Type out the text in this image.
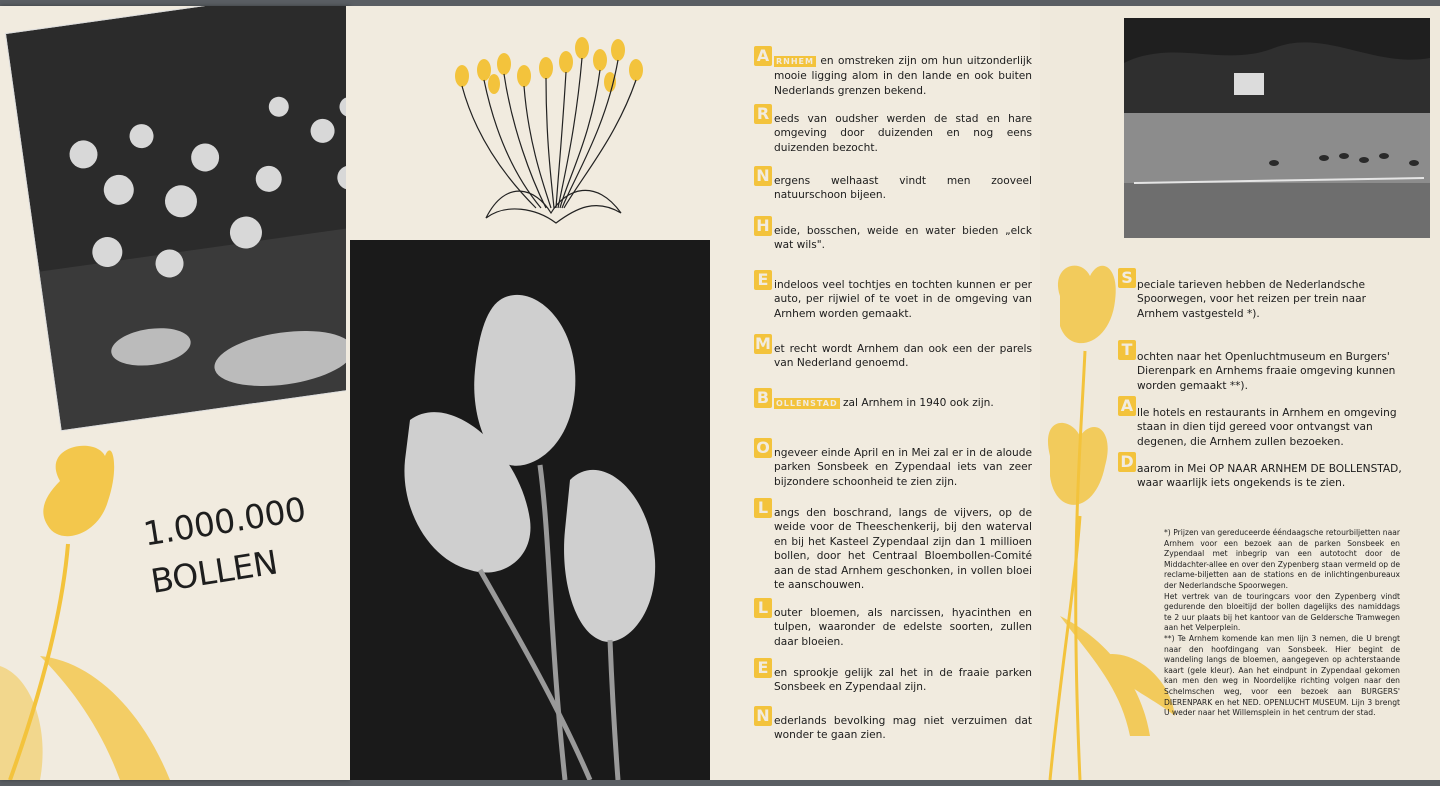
1.000.000
BOLLEN
A RNHEM en omstreken zijn om hun uitzonderlijk mooie ligging alom in den lande en ook buiten Nederlands grenzen bekend.
R eeds van oudsher werden de stad en hare omgeving door duizenden en nog eens duizenden bezocht.
N ergens welhaast vindt men zooveel natuurschoon bijeen.
H eide, bosschen, weide en water bieden „elck wat wils".
E indeloos veel tochtjes en tochten kunnen er per auto, per rijwiel of te voet in de omgeving van Arnhem worden gemaakt.
M et recht wordt Arnhem dan ook een der parels van Nederland genoemd.
B OLLENSTAD zal Arnhem in 1940 ook zijn.
O ngeveer einde April en in Mei zal er in de aloude parken Sonsbeek en Zypendaal iets van zeer bijzondere schoonheid te zien zijn.
L angs den boschrand, langs de vijvers, op de weide voor de Theeschenkerij, bij den waterval en bij het Kasteel Zypendaal zijn dan 1 millioen bollen, door het Centraal Bloembollen-Comité aan de stad Arnhem geschonken, in vollen bloei te aanschouwen.
L outer bloemen, als narcissen, hyacinthen en tulpen, waaronder de edelste soorten, zullen daar bloeien.
E en sprookje gelijk zal het in de fraaie parken Sonsbeek en Zypendaal zijn.
N ederlands bevolking mag niet verzuimen dat wonder te gaan zien.
S peciale tarieven hebben de Nederlandsche Spoorwegen, voor het reizen per trein naar Arnhem vastgesteld *).
T ochten naar het Openluchtmuseum en Burgers' Dierenpark en Arnhems fraaie omgeving kunnen worden gemaakt **).
A lle hotels en restaurants in Arnhem en omgeving staan in dien tijd gereed voor ontvangst van degenen, die Arnhem zullen bezoeken.
D aarom in Mei OP NAAR ARNHEM DE BOLLENSTAD, waar waarlijk iets ongekends is te zien.

*) Prijzen van gereduceerde ééndaagsche retourbiljetten naar Arnhem voor een bezoek aan de parken Sonsbeek en Zypendaal met inbegrip van een autotocht door de Middachter-allee en over den Zypenberg staan vermeld op de reclame-biljetten aan de stations en de inlichtingenbureaux der Nederlandsche Spoorwegen.

Het vertrek van de touringcars voor den Zypenberg vindt gedurende den bloeitijd der bollen dagelijks des namiddags te 2 uur plaats bij het kantoor van de Geldersche Tramwegen aan het Velperplein.

**) Te Arnhem komende kan men lijn 3 nemen, die U brengt naar den hoofdingang van Sonsbeek. Hier begint de wandeling langs de bloemen, aangegeven op achterstaande kaart (gele kleur). Aan het eindpunt in Zypendaal gekomen kan men den weg in Noordelijke richting volgen naar den Schelmschen weg, voor een bezoek aan BURGERS' DIERENPARK en het NED. OPENLUCHT MUSEUM. Lijn 3 brengt U weder naar het Willemsplein in het centrum der stad.
